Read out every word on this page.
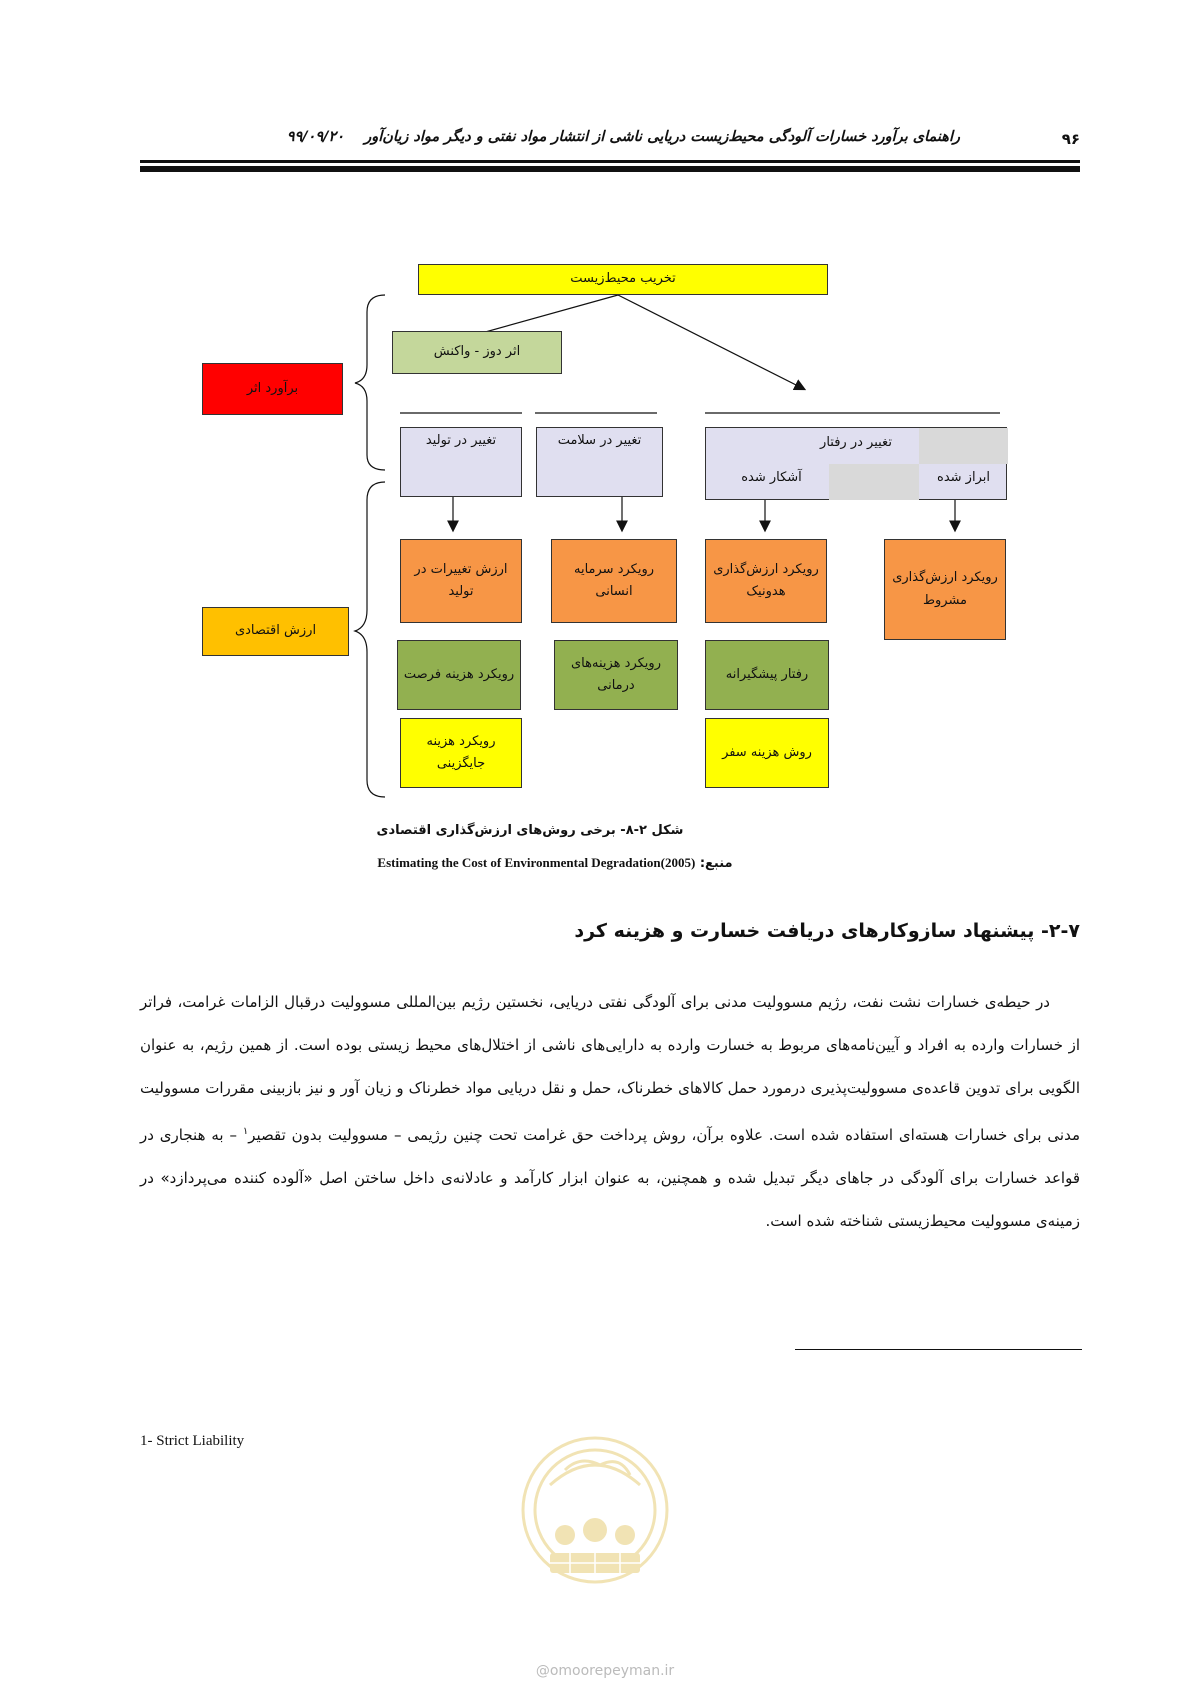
راهنمای برآورد خسارات آلودگی محیط‌زیست دریایی ناشی از انتشار مواد نفتی و دیگر مواد زیان‌آور    ۹۹/۰۹/۲۰	۹۶
تخریب محیط‌زیست
اثر دوز - واکنش
برآورد اثر
تغییر در تولید	تغییر در سلامت	تغییر در رفتار
آشکار شده	ابراز شده
ارزش تغییرات در تولید
رویکرد سرمایه انسانی
رویکرد ارزش‌گذاری هدونیک
رویکرد ارزش‌گذاری مشروط
ارزش اقتصادی
رویکرد هزینه فرصت
رویکرد هزینه‌های درمانی
رفتار پیشگیرانه
رویکرد هزینه جایگزینی
روش هزینه سفر
شکل ۲-۸- برخی روش‌های ارزش‌گذاری اقتصادی
Estimating the Cost of Environmental Degradation(2005) منبع:
۲-۷- پیشنهاد سازوکارهای دریافت خسارت و هزینه کرد

در حیطه‌ی خسارات نشت نفت، رژیم مسوولیت مدنی برای آلودگی نفتی دریایی، نخستین رژیم بین‌المللی مسوولیت درقبال الزامات غرامت، فراتر از خسارات وارده به افراد و آیین‌نامه‌های مربوط به خسارت وارده به دارایی‌های ناشی از اختلال‌های محیط زیستی بوده است. از همین رژیم، به عنوان الگویی برای تدوین قاعده‌ی مسوولیت‌پذیری درمورد حمل کالاهای خطرناک، حمل و نقل دریایی مواد خطرناک و زیان آور و نیز بازبینی مقررات مسوولیت مدنی برای خسارات هسته‌ای استفاده شده است. علاوه برآن، روش پرداخت حق غرامت تحت چنین رژیمی – مسوولیت بدون تقصیر$^۱$ – به هنجاری در قواعد خسارات برای آلودگی در جاهای دیگر تبدیل شده و همچنین، به عنوان ابزار کارآمد و عادلانه‌ی داخل ساختن اصل «آلوده کننده می‌پردازد» در زمینه‌ی مسوولیت محیط‌زیستی شناخته شده است.

1- Strict Liability
@omoorepeyman.ir
